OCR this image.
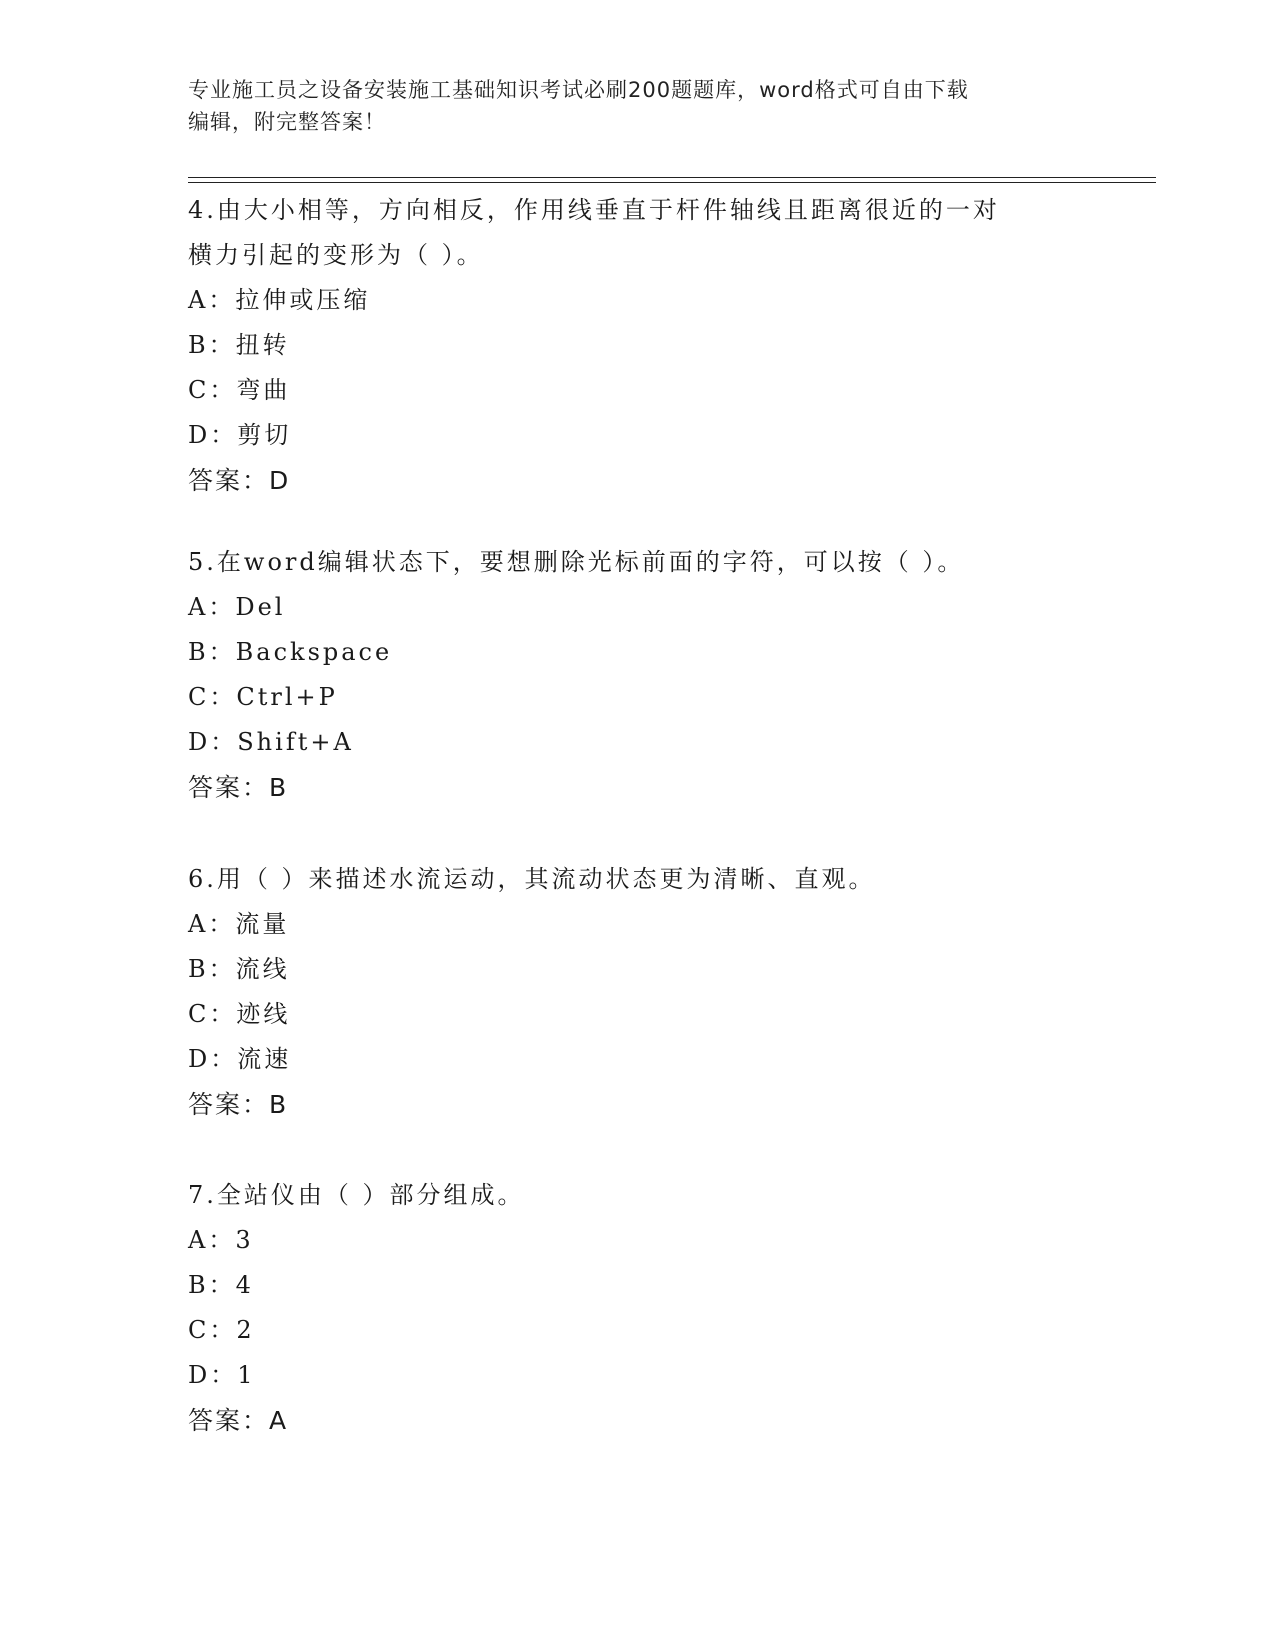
专业施工员之设备安装施工基础知识考试必刷200题题库，word格式可自由下载
编辑，附完整答案！
4.由大小相等，方向相反，作用线垂直于杆件轴线且距离很近的一对
横力引起的变形为（ ）。
A：拉伸或压缩
B：扭转
C：弯曲
D：剪切
答案：D
5.在word编辑状态下，要想删除光标前面的字符，可以按（ ）。
A：Del
B：Backspace
C：Ctrl+P
D：Shift+A
答案：B
6.用（ ）来描述水流运动，其流动状态更为清晰、直观。
A：流量
B：流线
C：迹线
D：流速
答案：B
7.全站仪由（ ）部分组成。
A：3
B：4
C：2
D：1
答案：A
